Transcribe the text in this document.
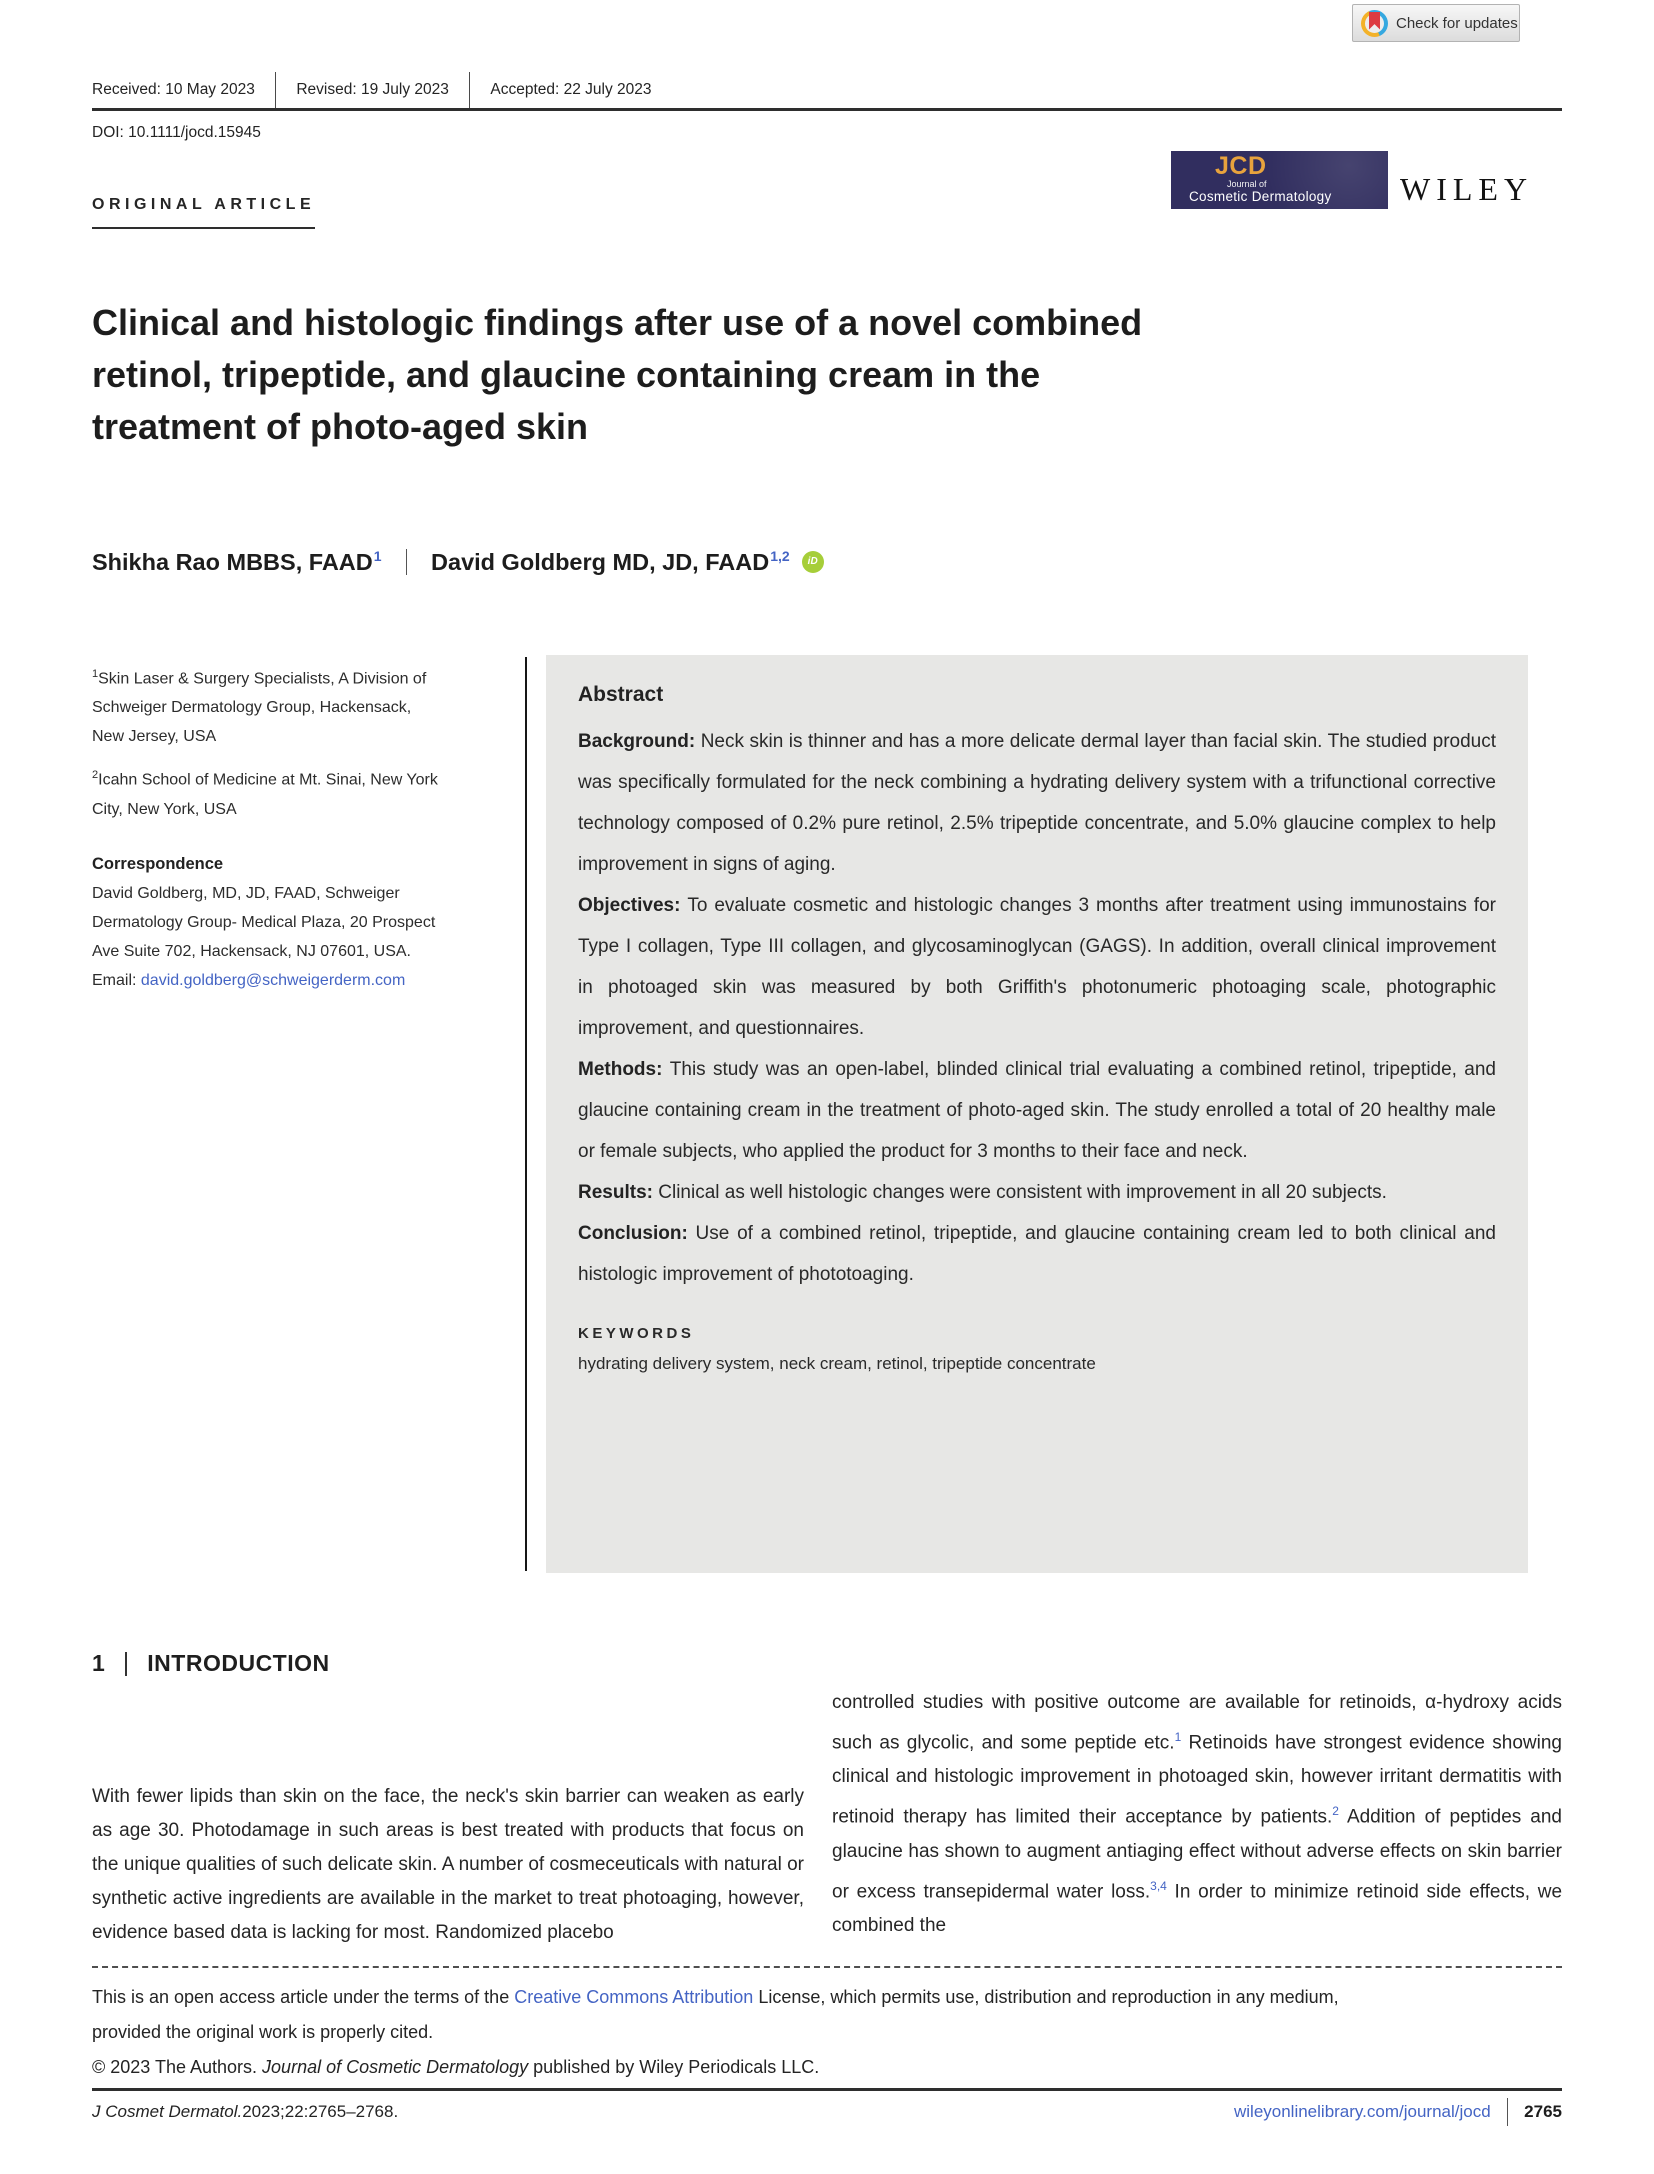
Check for updates
Received: 10 May 2023	Revised: 19 July 2023	Accepted: 22 July 2023
DOI: 10.1111/jocd.15945
JCD
Journal of
Cosmetic Dermatology	WILEY
ORIGINAL ARTICLE
Clinical and histologic findings after use of a novel combined retinol, tripeptide, and glaucine containing cream in the treatment of photo-aged skin
Shikha Rao MBBS, FAAD$^1$ David Goldberg MD, JD, FAAD$^{1,2}$	iD
$^1$Skin Laser & Surgery Specialists, A Division of Schweiger Dermatology Group, Hackensack, New Jersey, USA
$^2$Icahn School of Medicine at Mt. Sinai, New York City, New York, USA
Correspondence
David Goldberg, MD, JD, FAAD, Schweiger Dermatology Group- Medical Plaza, 20 Prospect Ave Suite 702, Hackensack, NJ 07601, USA.
Email: david.goldberg@schweigerderm.com
Abstract

Background: Neck skin is thinner and has a more delicate dermal layer than facial skin. The studied product was specifically formulated for the neck combining a hydrating delivery system with a trifunctional corrective technology composed of 0.2% pure retinol, 2.5% tripeptide concentrate, and 5.0% glaucine complex to help improvement in signs of aging.

Objectives: To evaluate cosmetic and histologic changes 3 months after treatment using immunostains for Type I collagen, Type III collagen, and glycosaminoglycan (GAGS). In addition, overall clinical improvement in photoaged skin was measured by both Griffith's photonumeric photoaging scale, photographic improvement, and questionnaires.

Methods: This study was an open-label, blinded clinical trial evaluating a combined retinol, tripeptide, and glaucine containing cream in the treatment of photo-aged skin. The study enrolled a total of 20 healthy male or female subjects, who applied the product for 3 months to their face and neck.

Results: Clinical as well histologic changes were consistent with improvement in all 20 subjects.

Conclusion: Use of a combined retinol, tripeptide, and glaucine containing cream led to both clinical and histologic improvement of phototoaging.

KEYWORDS
hydrating delivery system, neck cream, retinol, tripeptide concentrate
1 INTRODUCTION
With fewer lipids than skin on the face, the neck's skin barrier can weaken as early as age 30. Photodamage in such areas is best treated with products that focus on the unique qualities of such delicate skin. A number of cosmeceuticals with natural or synthetic active ingredients are available in the market to treat photoaging, however, evidence based data is lacking for most. Randomized placebo
controlled studies with positive outcome are available for retinoids, α-hydroxy acids such as glycolic, and some peptide etc.$^1$ Retinoids have strongest evidence showing clinical and histologic improvement in photoaged skin, however irritant dermatitis with retinoid therapy has limited their acceptance by patients.$^2$ Addition of peptides and glaucine has shown to augment antiaging effect without adverse effects on skin barrier or excess transepidermal water loss.$^{3,4}$ In order to minimize retinoid side effects, we combined the
This is an open access article under the terms of the Creative Commons Attribution License, which permits use, distribution and reproduction in any medium,
provided the original work is properly cited.
© 2023 The Authors. Journal of Cosmetic Dermatology published by Wiley Periodicals LLC.
J Cosmet Dermatol. 2023;22:2765–2768.	wileyonlinelibrary.com/journal/jocd 2765
